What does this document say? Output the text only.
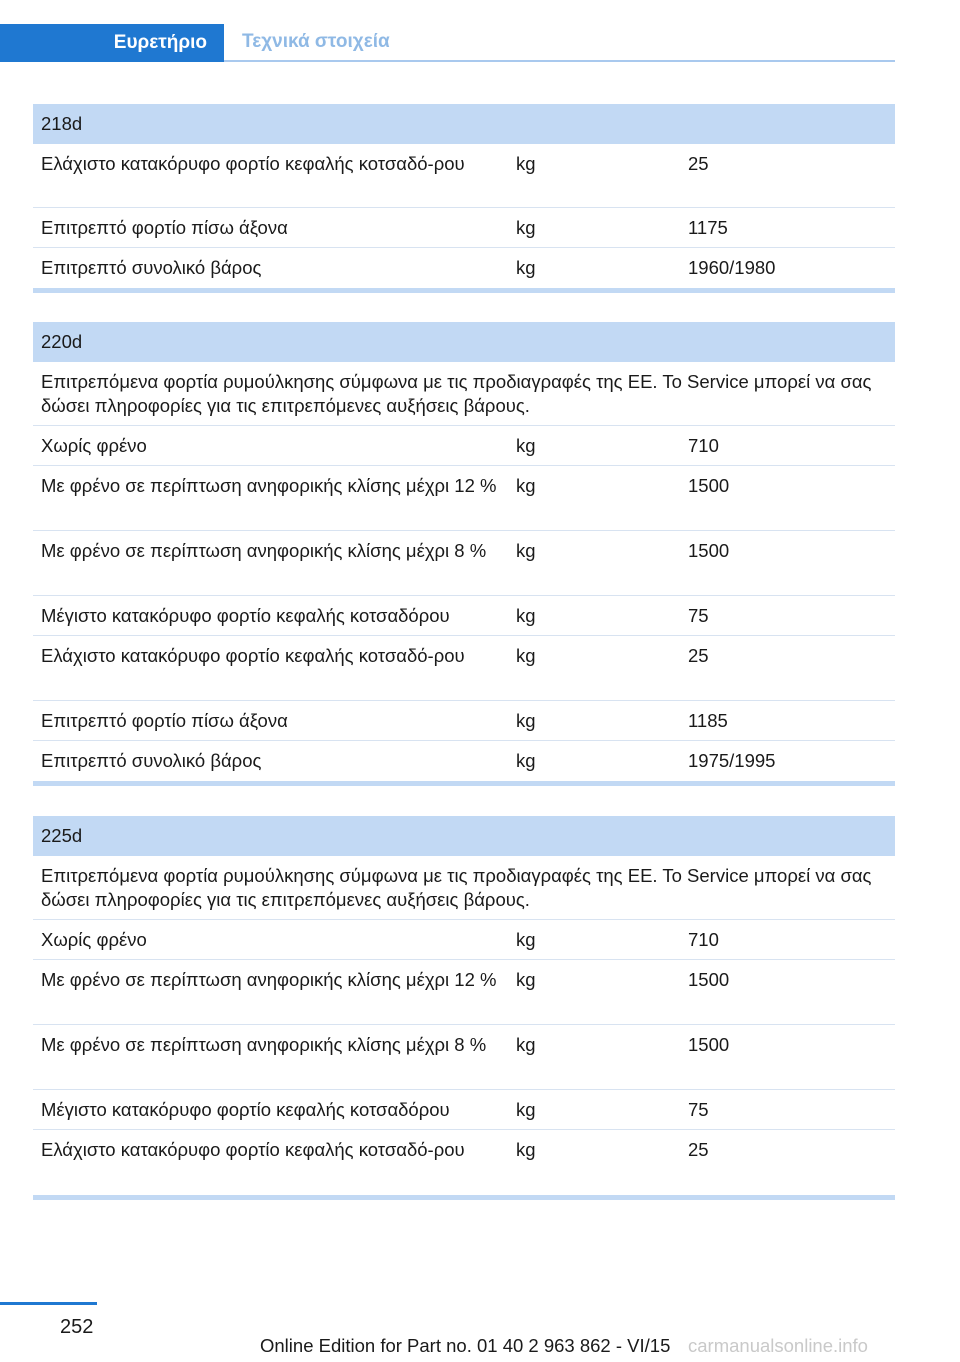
Ευρετήριο	Τεχνικά στοιχεία
218d
Ελάχιστο κατακόρυφο φορτίο κεφαλής κοτσαδό‐ρου	kg	25
Επιτρεπτό φορτίο πίσω άξονα	kg	1175
Επιτρεπτό συνολικό βάρος	kg	1960/1980
220d
Επιτρεπόμενα φορτία ρυμούλκησης σύμφωνα με τις προδιαγραφές της ΕΕ. Το Service μπορεί να σας δώσει πληροφορίες για τις επιτρεπόμενες αυξήσεις βάρους.
Χωρίς φρένο	kg	710
Με φρένο σε περίπτωση ανηφορικής κλίσης μέχρι 12 %	kg	1500
Με φρένο σε περίπτωση ανηφορικής κλίσης μέχρι 8 %	kg	1500
Μέγιστο κατακόρυφο φορτίο κεφαλής κοτσαδόρου	kg	75
Ελάχιστο κατακόρυφο φορτίο κεφαλής κοτσαδό‐ρου	kg	25
Επιτρεπτό φορτίο πίσω άξονα	kg	1185
Επιτρεπτό συνολικό βάρος	kg	1975/1995
225d
Επιτρεπόμενα φορτία ρυμούλκησης σύμφωνα με τις προδιαγραφές της ΕΕ. Το Service μπορεί να σας δώσει πληροφορίες για τις επιτρεπόμενες αυξήσεις βάρους.
Χωρίς φρένο	kg	710
Με φρένο σε περίπτωση ανηφορικής κλίσης μέχρι 12 %	kg	1500
Με φρένο σε περίπτωση ανηφορικής κλίσης μέχρι 8 %	kg	1500
Μέγιστο κατακόρυφο φορτίο κεφαλής κοτσαδόρου	kg	75
Ελάχιστο κατακόρυφο φορτίο κεφαλής κοτσαδό‐ρου	kg	25
252
Online Edition for Part no. 01 40 2 963 862 - VI/15 carmanualsonline.info
